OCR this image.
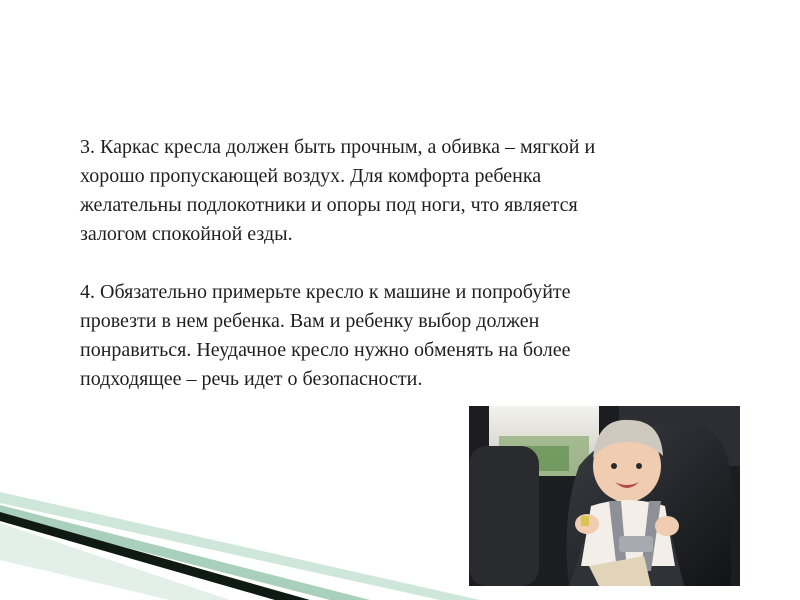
3. Каркас кресла должен быть прочным, а обивка – мягкой и
хорошо пропускающей воздух. Для комфорта ребенка
желательны подлокотники и опоры под ноги, что является
залогом спокойной езды.

4. Обязательно примерьте кресло к машине и попробуйте
провезти в нем ребенка. Вам и ребенку выбор должен
понравиться. Неудачное кресло нужно обменять на более
подходящее – речь идет о безопасности.
